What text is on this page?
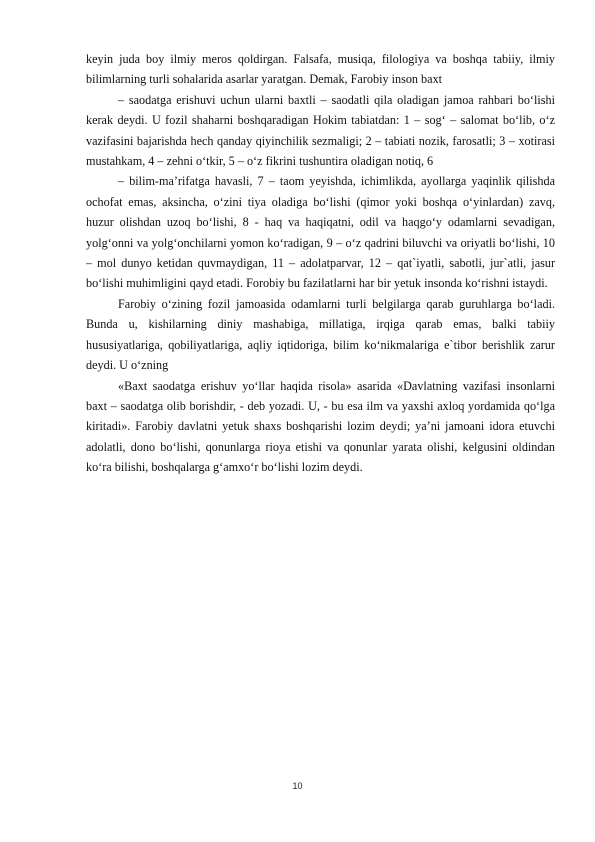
keyin juda boy ilmiy meros qoldirgan. Falsafa, musiqa, filologiya va boshqa tabiiy, ilmiy bilimlarning turli sohalarida asarlar yaratgan. Demak, Farobiy inson baxt

– saodatga erishuvi uchun ularni baxtli – saodatli qila oladigan jamoa rahbari bo‘lishi kerak deydi. U fozil shaharni boshqaradigan Hokim tabiatdan: 1 – sog‘ – salomat bo‘lib, o‘z vazifasini bajarishda hech qanday qiyinchilik sezmaligi; 2 – tabiati nozik, farosatli; 3 – xotirasi mustahkam, 4 – zehni o‘tkir, 5 – o‘z fikrini tushuntira oladigan notiq, 6

– bilim-ma’rifatga havasli, 7 – taom yeyishda, ichimlikda, ayollarga yaqinlik qilishda ochofat emas, aksincha, o‘zini tiya oladiga bo‘lishi (qimor yoki boshqa o‘yinlardan) zavq, huzur olishdan uzoq bo‘lishi, 8 - haq va haqiqatni, odil va haqgo‘y odamlarni sevadigan, yolg‘onni va yolg‘onchilarni yomon ko‘radigan, 9 – o‘z qadrini biluvchi va oriyatli bo‘lishi, 10 – mol dunyo ketidan quvmaydigan, 11 – adolatparvar, 12 – qat`iyatli, sabotli, jur`atli, jasur bo‘lishi muhimligini qayd etadi. Forobiy bu fazilatlarni har bir yetuk insonda ko‘rishni istaydi.

Farobiy o‘zining fozil jamoasida odamlarni turli belgilarga qarab guruhlarga bo‘ladi. Bunda u, kishilarning diniy mashabiga, millatiga, irqiga qarab emas, balki tabiiy hususiyatlariga, qobiliyatlariga, aqliy iqtidoriga, bilim ko‘nikmalariga e`tibor berishlik zarur deydi. U o‘zning

«Baxt saodatga erishuv yo‘llar haqida risola» asarida «Davlatning vazifasi insonlarni baxt – saodatga olib borishdir, - deb yozadi. U, - bu esa ilm va yaxshi axloq yordamida qo‘lga kiritadi». Farobiy davlatni yetuk shaxs boshqarishi lozim deydi; ya’ni jamoani idora etuvchi adolatli, dono bo‘lishi, qonunlarga rioya etishi va qonunlar yarata olishi, kelgusini oldindan ko‘ra bilishi, boshqalarga g‘amxo‘r bo‘lishi lozim deydi.

10
